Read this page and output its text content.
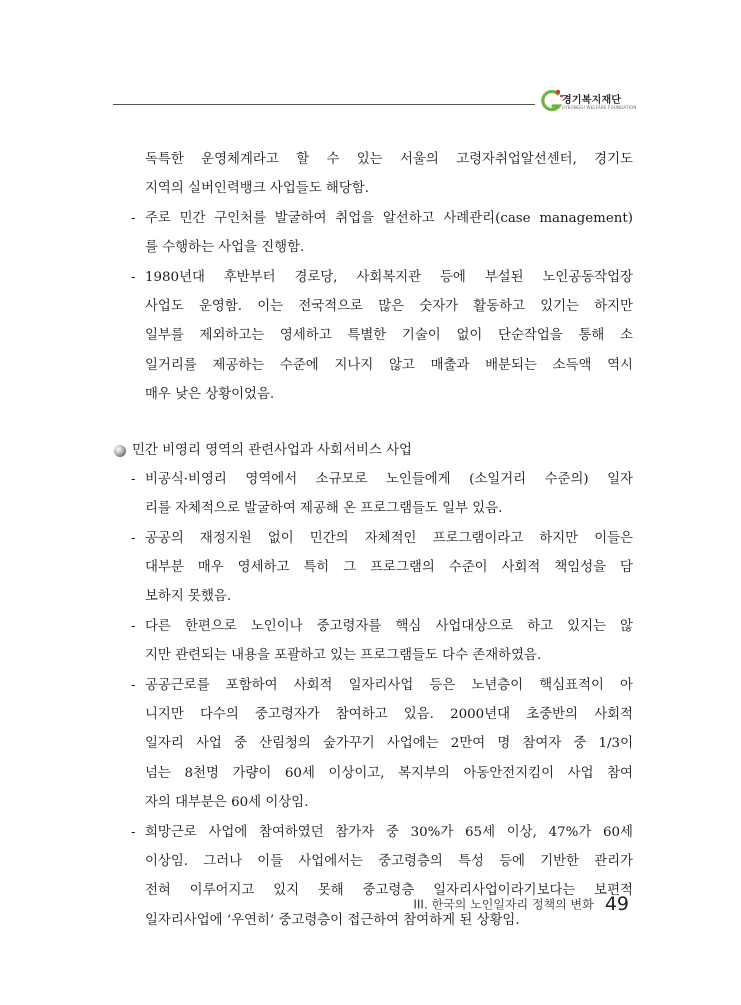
경기복지재단
GYEONGGI WELFARE FOUNDATION
독특한 운영체계라고 할 수 있는 서울의 고령자취업알선센터, 경기도
지역의 실버인력뱅크 사업들도 해당함.
- 주로 민간 구인처를 발굴하여 취업을 알선하고 사례관리(case management)
를 수행하는 사업을 진행함.
- 1980년대 후반부터 경로당, 사회복지관 등에 부설된 노인공동작업장
사업도 운영함. 이는 전국적으로 많은 숫자가 활동하고 있기는 하지만
일부를 제외하고는 영세하고 특별한 기술이 없이 단순작업을 통해 소
일거리를 제공하는 수준에 지나지 않고 매출과 배분되는 소득액 역시
매우 낮은 상황이었음.
민간 비영리 영역의 관련사업과 사회서비스 사업
- 비공식·비영리 영역에서 소규모로 노인들에게 (소일거리 수준의) 일자
리를 자체적으로 발굴하여 제공해 온 프로그램들도 일부 있음.
- 공공의 재정지원 없이 민간의 자체적인 프로그램이라고 하지만 이들은
대부분 매우 영세하고 특히 그 프로그램의 수준이 사회적 책임성을 담
보하지 못했음.
- 다른 한편으로 노인이나 중고령자를 핵심 사업대상으로 하고 있지는 않
지만 관련되는 내용을 포괄하고 있는 프로그램들도 다수 존재하였음.
- 공공근로를 포함하여 사회적 일자리사업 등은 노년층이 핵심표적이 아
니지만 다수의 중고령자가 참여하고 있음. 2000년대 초중반의 사회적
일자리 사업 중 산림청의 숲가꾸기 사업에는 2만여 명 참여자 중 1/3이
넘는 8천명 가량이 60세 이상이고, 복지부의 아동안전지킴이 사업 참여
자의 대부분은 60세 이상임.
- 희망근로 사업에 참여하였던 참가자 중 30%가 65세 이상, 47%가 60세
이상임. 그러나 이들 사업에서는 중고령층의 특성 등에 기반한 관리가
전혀 이루어지고 있지 못해 중고령층 일자리사업이라기보다는 보편적
일자리사업에 ‘우연히’ 중고령층이 접근하여 참여하게 된 상황임.
III. 한국의 노인일자리 정책의 변화 49
